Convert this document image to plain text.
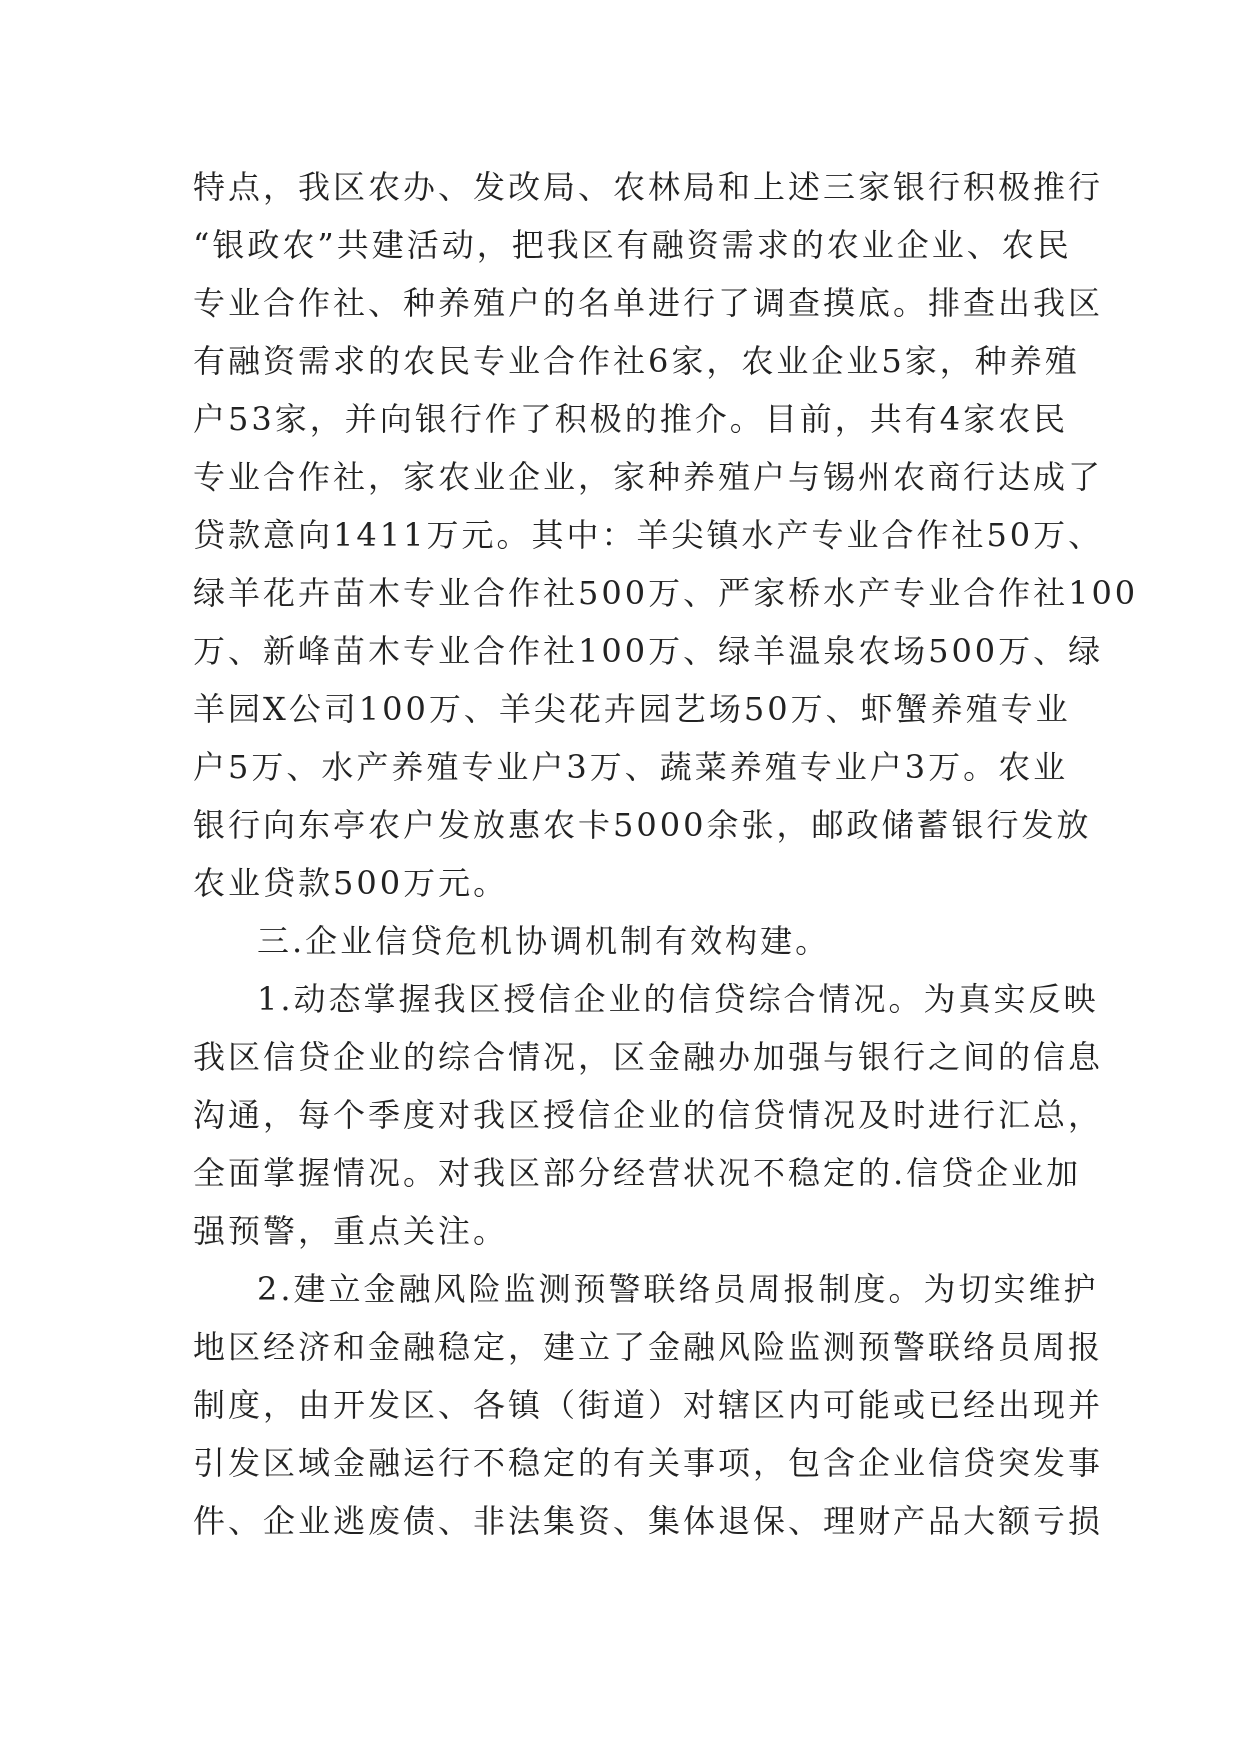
特点，我区农办、发改局、农林局和上述三家银行积极推行
“银政农”共建活动，把我区有融资需求的农业企业、农民
专业合作社、种养殖户的名单进行了调查摸底。排查出我区
有融资需求的农民专业合作社6家，农业企业5家，种养殖
户53家，并向银行作了积极的推介。目前，共有4家农民
专业合作社，家农业企业，家种养殖户与锡州农商行达成了
贷款意向1411万元。其中：羊尖镇水产专业合作社50万、
绿羊花卉苗木专业合作社500万、严家桥水产专业合作社100
万、新峰苗木专业合作社100万、绿羊温泉农场500万、绿
羊园X公司100万、羊尖花卉园艺场50万、虾蟹养殖专业
户5万、水产养殖专业户3万、蔬菜养殖专业户3万。农业
银行向东亭农户发放惠农卡5000余张，邮政储蓄银行发放
农业贷款500万元。
三.企业信贷危机协调机制有效构建。
1.动态掌握我区授信企业的信贷综合情况。为真实反映
我区信贷企业的综合情况，区金融办加强与银行之间的信息
沟通，每个季度对我区授信企业的信贷情况及时进行汇总，
全面掌握情况。对我区部分经营状况不稳定的.信贷企业加
强预警，重点关注。
2.建立金融风险监测预警联络员周报制度。为切实维护
地区经济和金融稳定，建立了金融风险监测预警联络员周报
制度，由开发区、各镇（街道）对辖区内可能或已经出现并
引发区域金融运行不稳定的有关事项，包含企业信贷突发事
件、企业逃废债、非法集资、集体退保、理财产品大额亏损
